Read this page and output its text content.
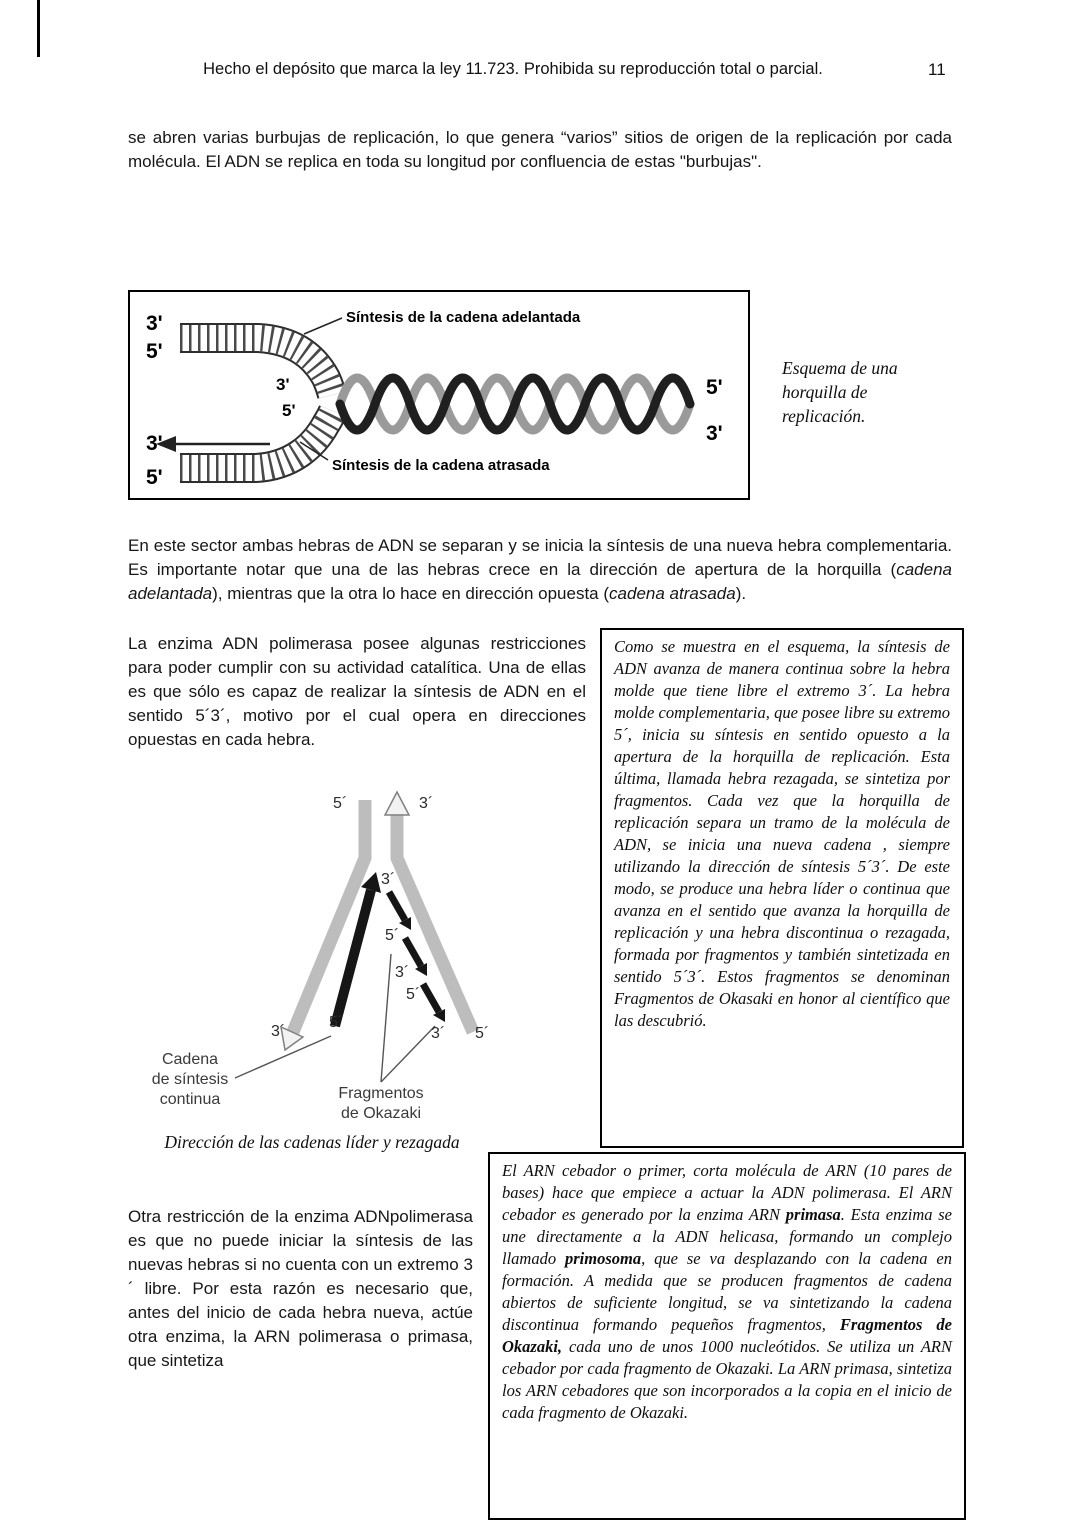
Hecho el depósito que marca la ley 11.723. Prohibida su reproducción total o parcial.	11
se abren varias burbujas de replicación, lo que genera “varios” sitios de origen de la replicación por cada molécula. El ADN se replica en toda su longitud por confluencia de estas "burbujas".
3'
5'
Síntesis de la cadena adelantada
3'
5'
5'
3'
3'
5'
Síntesis de la cadena atrasada
Esquema de una horquilla de replicación.
En este sector ambas hebras de ADN se separan y se inicia la síntesis de una nueva hebra complementaria. Es importante notar que una de las hebras crece en la dirección de apertura de la horquilla (cadena adelantada), mientras que la otra lo hace en dirección opuesta (cadena atrasada).
La enzima ADN polimerasa posee algunas restricciones para poder cumplir con su actividad catalítica. Una de ellas es que sólo es capaz de realizar la síntesis de ADN en el sentido 5´3´, motivo por el cual opera en direcciones opuestas en cada hebra.
Como se muestra en el esquema, la síntesis de ADN avanza de manera continua sobre la hebra molde que tiene libre el extremo 3´. La hebra molde complementaria, que posee libre su extremo 5´, inicia su síntesis en sentido opuesto a la apertura de la horquilla de replicación. Esta última, llamada hebra rezagada, se sintetiza por fragmentos. Cada vez que la horquilla de replicación separa un tramo de la molécula de ADN, se inicia una nueva cadena , siempre utilizando la dirección de síntesis 5´3´. De este modo, se produce una hebra líder o continua que avanza en el sentido que avanza la horquilla de replicación y una hebra discontinua o rezagada, formada por fragmentos y también sintetizada en sentido 5´3´. Estos fragmentos se denominan Fragmentos de Okasaki en honor al científico que las descubrió.
5´	3´
3´
5´
3´
5´
3´
5´
3´ 5´
Cadena
de síntesis
continua	Fragmentos
de Okazaki
Dirección de las cadenas líder y rezagada
Otra restricción de la enzima ADNpolimerasa es que no puede iniciar la síntesis de las nuevas hebras si no cuenta con un extremo 3´ libre. Por esta razón es necesario que, antes del inicio de cada hebra nueva, actúe otra enzima, la ARN polimerasa o primasa, que sintetiza
El ARN cebador o primer, corta molécula de ARN (10 pares de bases) hace que empiece a actuar la ADN polimerasa. El ARN cebador es generado por la enzima ARN primasa. Esta enzima se une directamente a la ADN helicasa, formando un complejo llamado primosoma, que se va desplazando con la cadena en formación. A medida que se producen fragmentos de cadena abiertos de suficiente longitud, se va sintetizando la cadena discontinua formando pequeños fragmentos, Fragmentos de Okazaki, cada uno de unos 1000 nucleótidos. Se utiliza un ARN cebador por cada fragmento de Okazaki. La ARN primasa, sintetiza los ARN cebadores que son incorporados a la copia en el inicio de cada fragmento de Okazaki.
